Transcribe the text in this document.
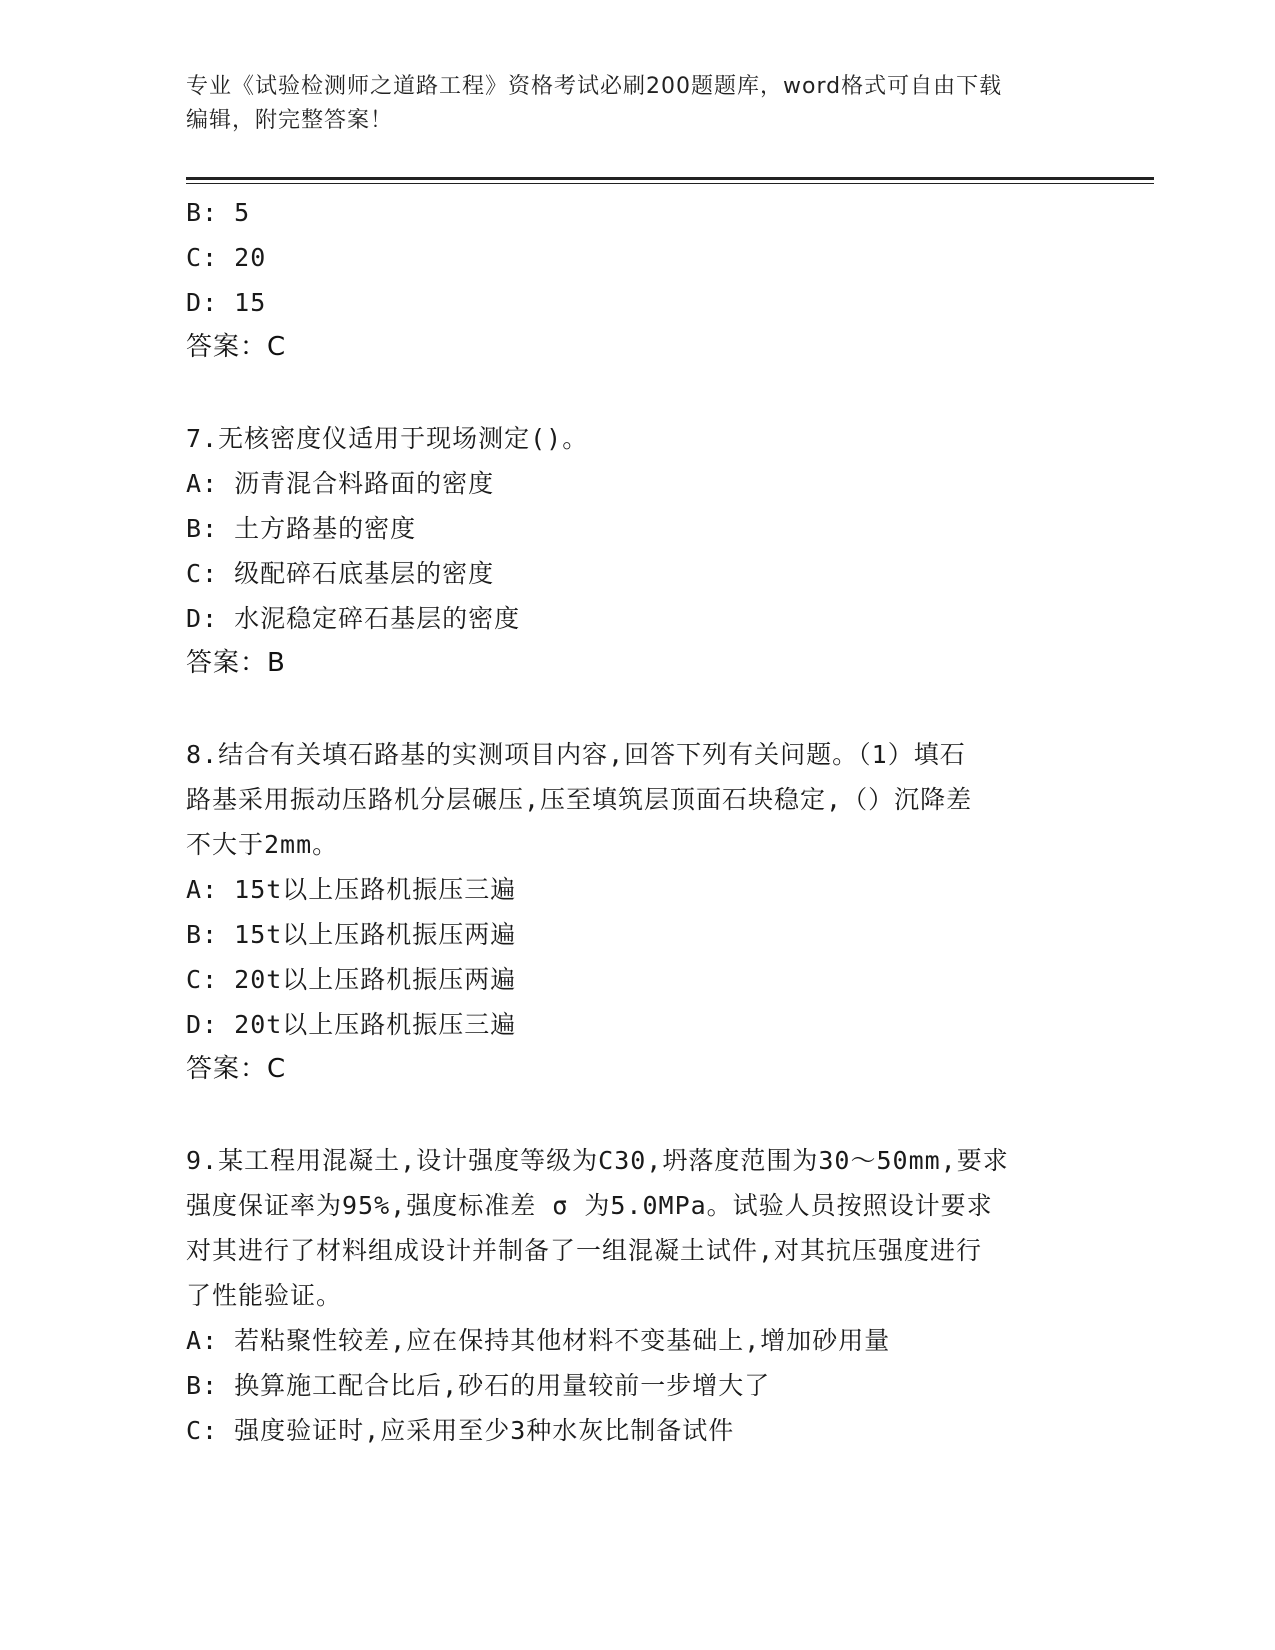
专业《试验检测师之道路工程》资格考试必刷200题题库，word格式可自由下载
编辑，附完整答案！
B: 5
C: 20
D: 15
答案：C
7.无核密度仪适用于现场测定()。
A: 沥青混合料路面的密度
B: 土方路基的密度
C: 级配碎石底基层的密度
D: 水泥稳定碎石基层的密度
答案：B
8.结合有关填石路基的实测项目内容,回答下列有关问题。（1）填石
路基采用振动压路机分层碾压,压至填筑层顶面石块稳定,（）沉降差
不大于2mm。
A: 15t以上压路机振压三遍
B: 15t以上压路机振压两遍
C: 20t以上压路机振压两遍
D: 20t以上压路机振压三遍
答案：C
9.某工程用混凝土,设计强度等级为C30,坍落度范围为30～50mm,要求
强度保证率为95%,强度标准差 σ 为5.0MPa。试验人员按照设计要求
对其进行了材料组成设计并制备了一组混凝土试件,对其抗压强度进行
了性能验证。
A: 若粘聚性较差,应在保持其他材料不变基础上,增加砂用量
B: 换算施工配合比后,砂石的用量较前一步增大了
C: 强度验证时,应采用至少3种水灰比制备试件
